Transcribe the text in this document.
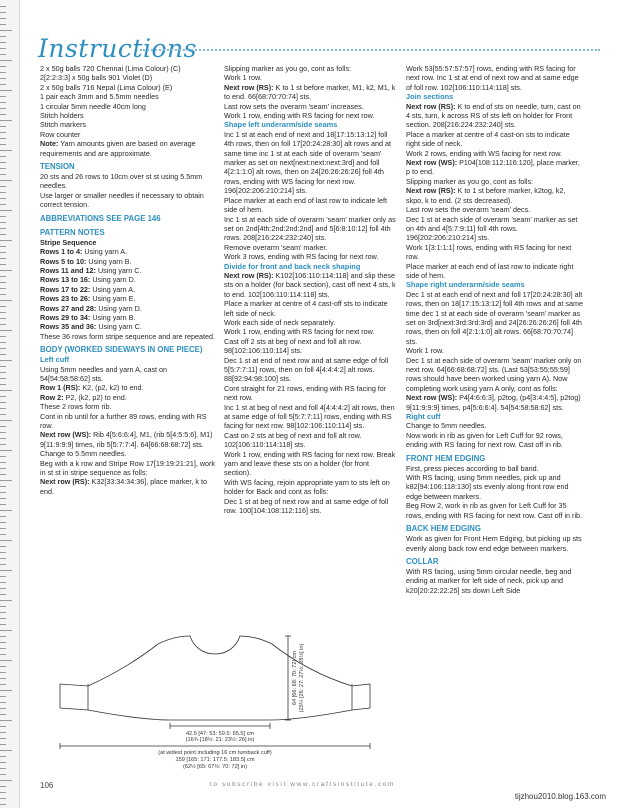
Instructions

2 x 50g balls 720 Chennai (Lima Colour) (C)

2[2:2:3:3] x 50g balls 901 Violet (D)

2 x 50g balls 716 Nepal (Lima Colour) (E)

1 pair each 3mm and 5.5mm needles

1 circular 5mm needle 40cm long

Stitch holders

Stitch markers

Row counter

Note: Yarn amounts given are based on average requirements and are approximate.

TENSION

20 sts and 26 rows to 10cm over st st using 5.5mm needles.

Use larger or smaller needles if necessary to obtain correct tension.

ABBREVIATIONS SEE PAGE 146

PATTERN NOTES

Stripe Sequence

Rows 1 to 4: Using yarn A.

Rows 5 to 10: Using yarn B.

Rows 11 and 12: Using yarn C.

Rows 13 to 16: Using yarn D.

Rows 17 to 22: Using yarn A.

Rows 23 to 26: Using yarn E.

Rows 27 and 28: Using yarn D.

Rows 29 to 34: Using yarn B.

Rows 35 and 36: Using yarn C.

These 36 rows form stripe sequence and are repeated.

BODY (WORKED SIDEWAYS IN ONE PIECE)

Left cuff

Using 5mm needles and yarn A, cast on 54[54:58:58:62] sts.

Row 1 (RS): K2, (p2, k2) to end.

Row 2: P2, (k2, p2) to end.

These 2 rows form rib.

Cont in rib until for a further 89 rows, ending with RS row.

Next row (WS): Rib 4[5:6:6:4], M1, (rib 5[4:5:5:6], M1) 9[11:9:9:9] times, rib 5[5:7:7:4]. 64[66:68:68:72] sts.

Change to 5.5mm needles.

Beg with a k row and Stripe Row 17[19:19:21:21], work in st st in stripe sequence as folls:

Next row (RS): K32[33:34:34:36], place marker, k to end.

Slipping marker as you go, cont as folls:

Work 1 row.

Next row (RS): K to 1 st before marker, M1, k2, M1, k to end. 66[68:70:70:74] sts.

Last row sets the overarm 'seam' increases.

Work 1 row, ending with RS facing for next row.

Shape left underarm/side seams

Inc 1 st at each end of next and 18[17:15:13:12] foll 4th rows, then on foll 17[20:24:28:30] alt rows and at same time inc 1 st at each side of overarm 'seam' marker as set on next[next:next:next:3rd] and foll 4[2:1:1:0] alt rows, then on 24[26:26:26:26] foll 4th rows, ending with WS facing for next row. 196[202:206:210:214] sts.

Place marker at each end of last row to indicate left side of hem.

Inc 1 st at each side of overarm 'seam' marker only as set on 2nd[4th:2nd:2nd:2nd] and 5[6:8:10:12] foll 4th rows. 208[216:224:232:240] sts.

Remove overarm 'seam' marker.

Work 3 rows, ending with RS facing for next row.

Divide for front and back neck shaping

Next row (RS): K102[106:110:114:118] and slip these sts on a holder (for back section), cast off next 4 sts, k to end. 102[106:110:114:118] sts.

Place a marker at centre of 4 cast-off sts to indicate left side of neck.

Work each side of neck separately.

Work 1 row, ending with RS facing for next row.

Cast off 2 sts at beg of next and foll alt row. 98[102:106:110:114] sts.

Dec 1 st at end of next row and at same edge of foll 5[5:7:7:11] rows, then on foll 4[4:4:4:2] alt rows. 88[92:94:98:100] sts.

Cont straight for 21 rows, ending with RS facing for next row.

Inc 1 st at beg of next and foll 4[4:4:4:2] alt rows, then at same edge of foll 5[5:7:7:11] rows, ending with RS facing for next row. 98[102:106:110:114] sts.

Cast on 2 sts at beg of next and foll alt row. 102[106:110:114:118] sts.

Work 1 row, ending with RS facing for next row. Break yarn and leave these sts on a holder (for front section).

With WS facing, rejoin appropriate yarn to sts left on holder for Back and cont as folls:

Dec 1 st at beg of next row and at same edge of foll row. 100[104:108:112:116] sts.

Work 53[55:57:57:57] rows, ending with RS facing for next row. Inc 1 st at end of next row and at same edge of foll row. 102[106:110:114:118] sts.

Join sections

Next row (RS): K to end of sts on needle, turn, cast on 4 sts, turn, k across RS of sts left on holder for Front section. 208[216:224:232:240] sts.

Place a marker at centre of 4 cast-on sts to indicate right side of neck.

Work 2 rows, ending with WS facing for next row.

Next row (WS): P104[108:112:116:120], place marker, p to end.

Slipping marker as you go, cont as folls:

Next row (RS): K to 1 st before marker, k2tog, k2, skpo, k to end. (2 sts decreased).

Last row sets the overarm 'seam' decs.

Dec 1 st at each side of overarm 'seam' marker as set on 4th and 4[5:7:9:11] foll 4th rows. 196[202:206:210:214] sts.

Work 1[3:1:1:1] rows, ending with RS facing for next row.

Place marker at each end of last row to indicate right side of hem.

Shape right underarm/side seams

Dec 1 st at each end of next and foll 17[20:24:28:30] alt rows, then on 18[17:15:13:12] foll 4th rows and at same time dec 1 st at each side of overarm 'seam' marker as set on 3rd[next:3rd:3rd:3rd] and 24[26:26:26:26] foll 4th rows, then on foll 4[2:1:1:0] alt rows. 66[68:70:70:74] sts.

Work 1 row.

Dec 1 st at each side of overarm 'seam' marker only on next row. 64[66:68:68:72] sts. (Last 53[53:55:55:59] rows should have been worked using yarn A). Now completing work using yarn A only, cont as folls:

Next row (WS): P4[4:6:6:3], p2tog, (p4[3:4:4:5], p2tog) 9[11:9:9:9] times, p4[5:6:6:4]. 54[54:58:58:62] sts.

Right cuff

Change to 5mm needles.

Now work in rib as given for Left Cuff for 92 rows, ending with RS facing for next row. Cast off in rib.

FRONT HEM EDGING

First, press pieces according to ball band.

With RS facing, using 5mm needles, pick up and k82[94:106:118:130] sts evenly along front row end edge between markers.

Beg Row 2, work in rib as given for Left Cuff for 35 rows, ending with RS facing for next row. Cast off in rib.

BACK HEM EDGING

Work as given for Front Hem Edging, but picking up sts evenly along back row end edge between markers.

COLLAR

With RS facing, using 5mm circular needle, beg and ending at marker for left side of neck, pick up and k20[20:22:22:25] sts down Left Side

42.5 [47: 53: 59.5: 65.5] cm
(16¾ [18½: 21: 23½: 26] in)
(at widest point including 16 cm turnback cuff)
159 [165: 171: 177.5: 183.5] cm
(62½ [65: 67½: 70: 72] in)
64 [66: 68: 70: 72] cm (25¼ [26: 27: 27½: 28½] in)
106	to subscribe visit www.craftsinstitute.com
tijzhou2010.blog.163.com
